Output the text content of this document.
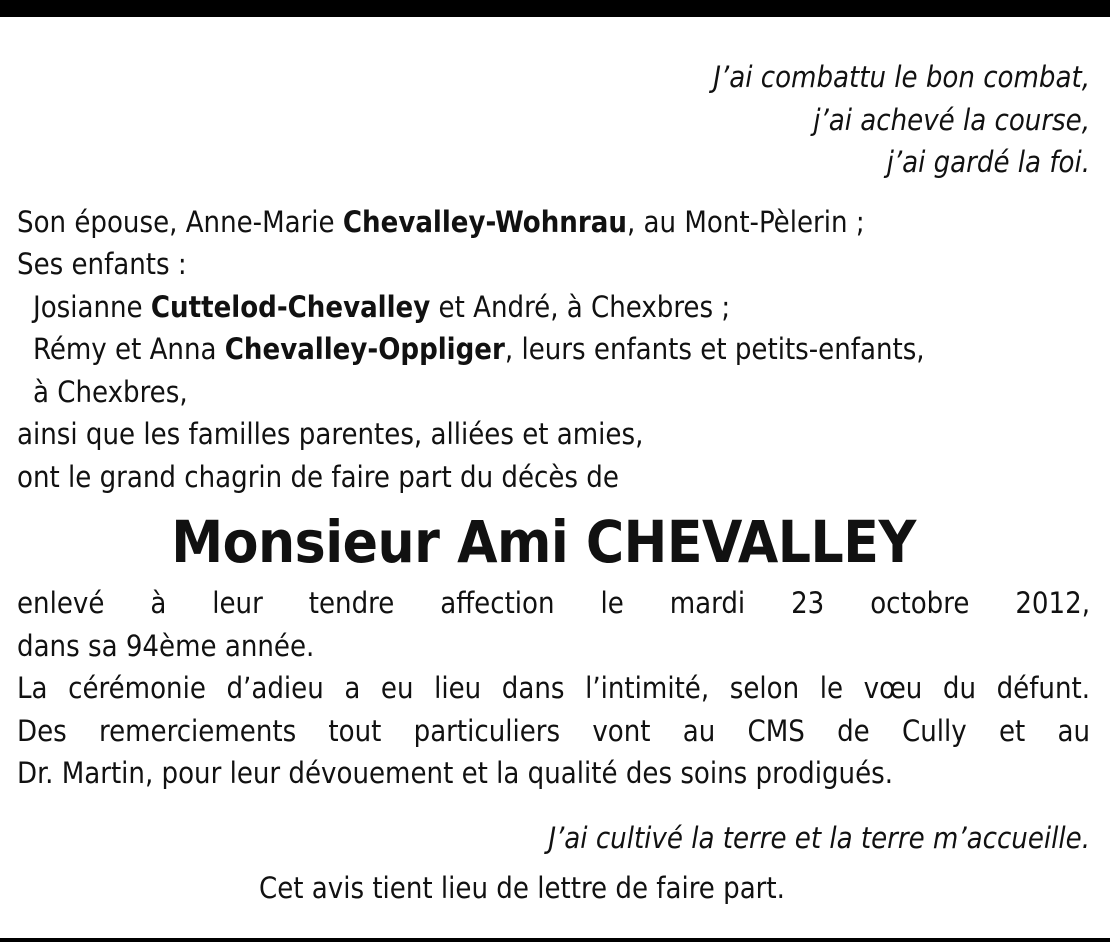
J’ai combattu le bon combat,
j’ai achevé la course,
j’ai gardé la foi.
Son épouse, Anne-Marie Chevalley-Wohnrau, au Mont-Pèlerin ;
Ses enfants :
Josianne Cuttelod-Chevalley et André, à Chexbres ;
Rémy et Anna Chevalley-Oppliger, leurs enfants et petits-enfants,
à Chexbres,
ainsi que les familles parentes, alliées et amies,
ont le grand chagrin de faire part du décès de
Monsieur Ami CHEVALLEY
enlevé à leur tendre affection le mardi 23 octobre 2012,
dans sa 94ème année.
La cérémonie d’adieu a eu lieu dans l’intimité, selon le vœu du défunt.
Des remerciements tout particuliers vont au CMS de Cully et au
Dr. Martin, pour leur dévouement et la qualité des soins prodigués.
J’ai cultivé la terre et la terre m’accueille.
Cet avis tient lieu de lettre de faire part.
